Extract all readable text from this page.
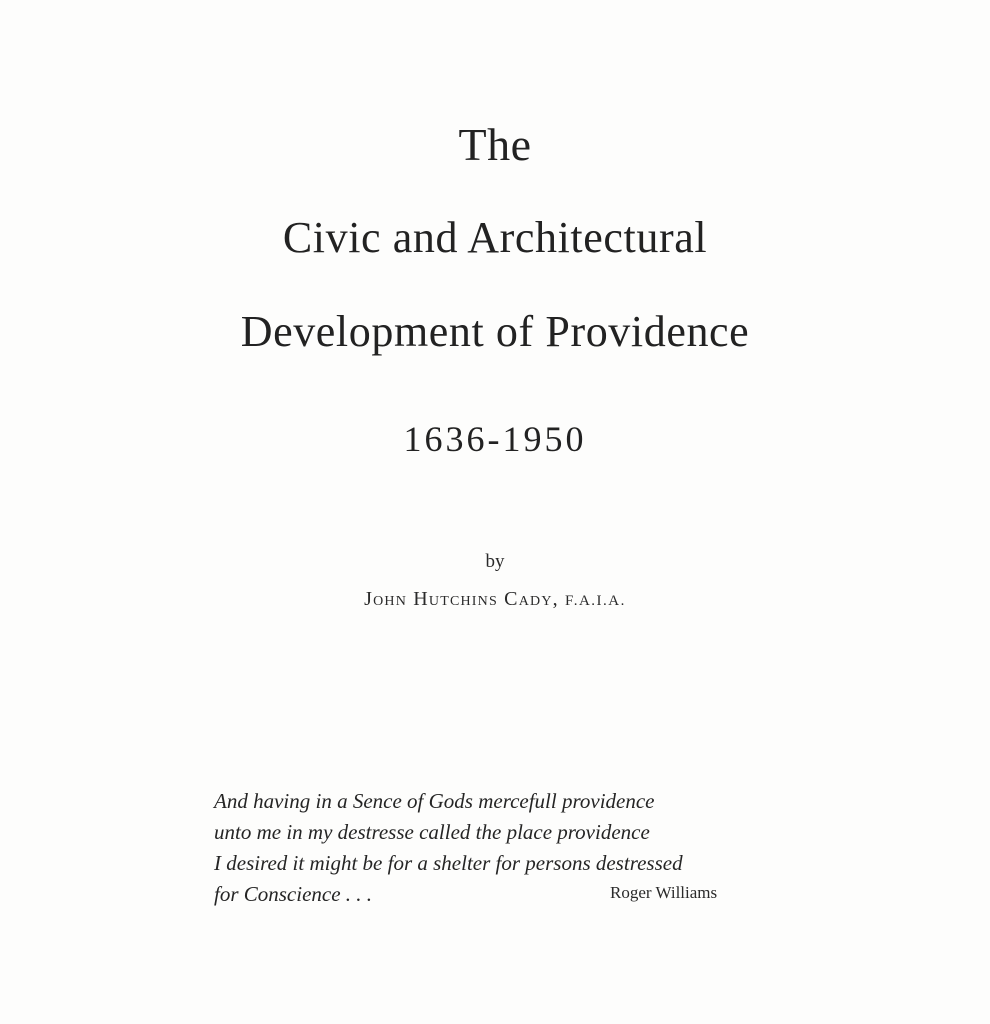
The
Civic and Architectural
Development of Providence
1636-1950
by
John Hutchins Cady, F.A.I.A.
And having in a Sence of Gods mercefull providence
unto me in my destresse called the place providence
I desired it might be for a shelter for persons destressed
for Conscience . . .	Roger Williams
